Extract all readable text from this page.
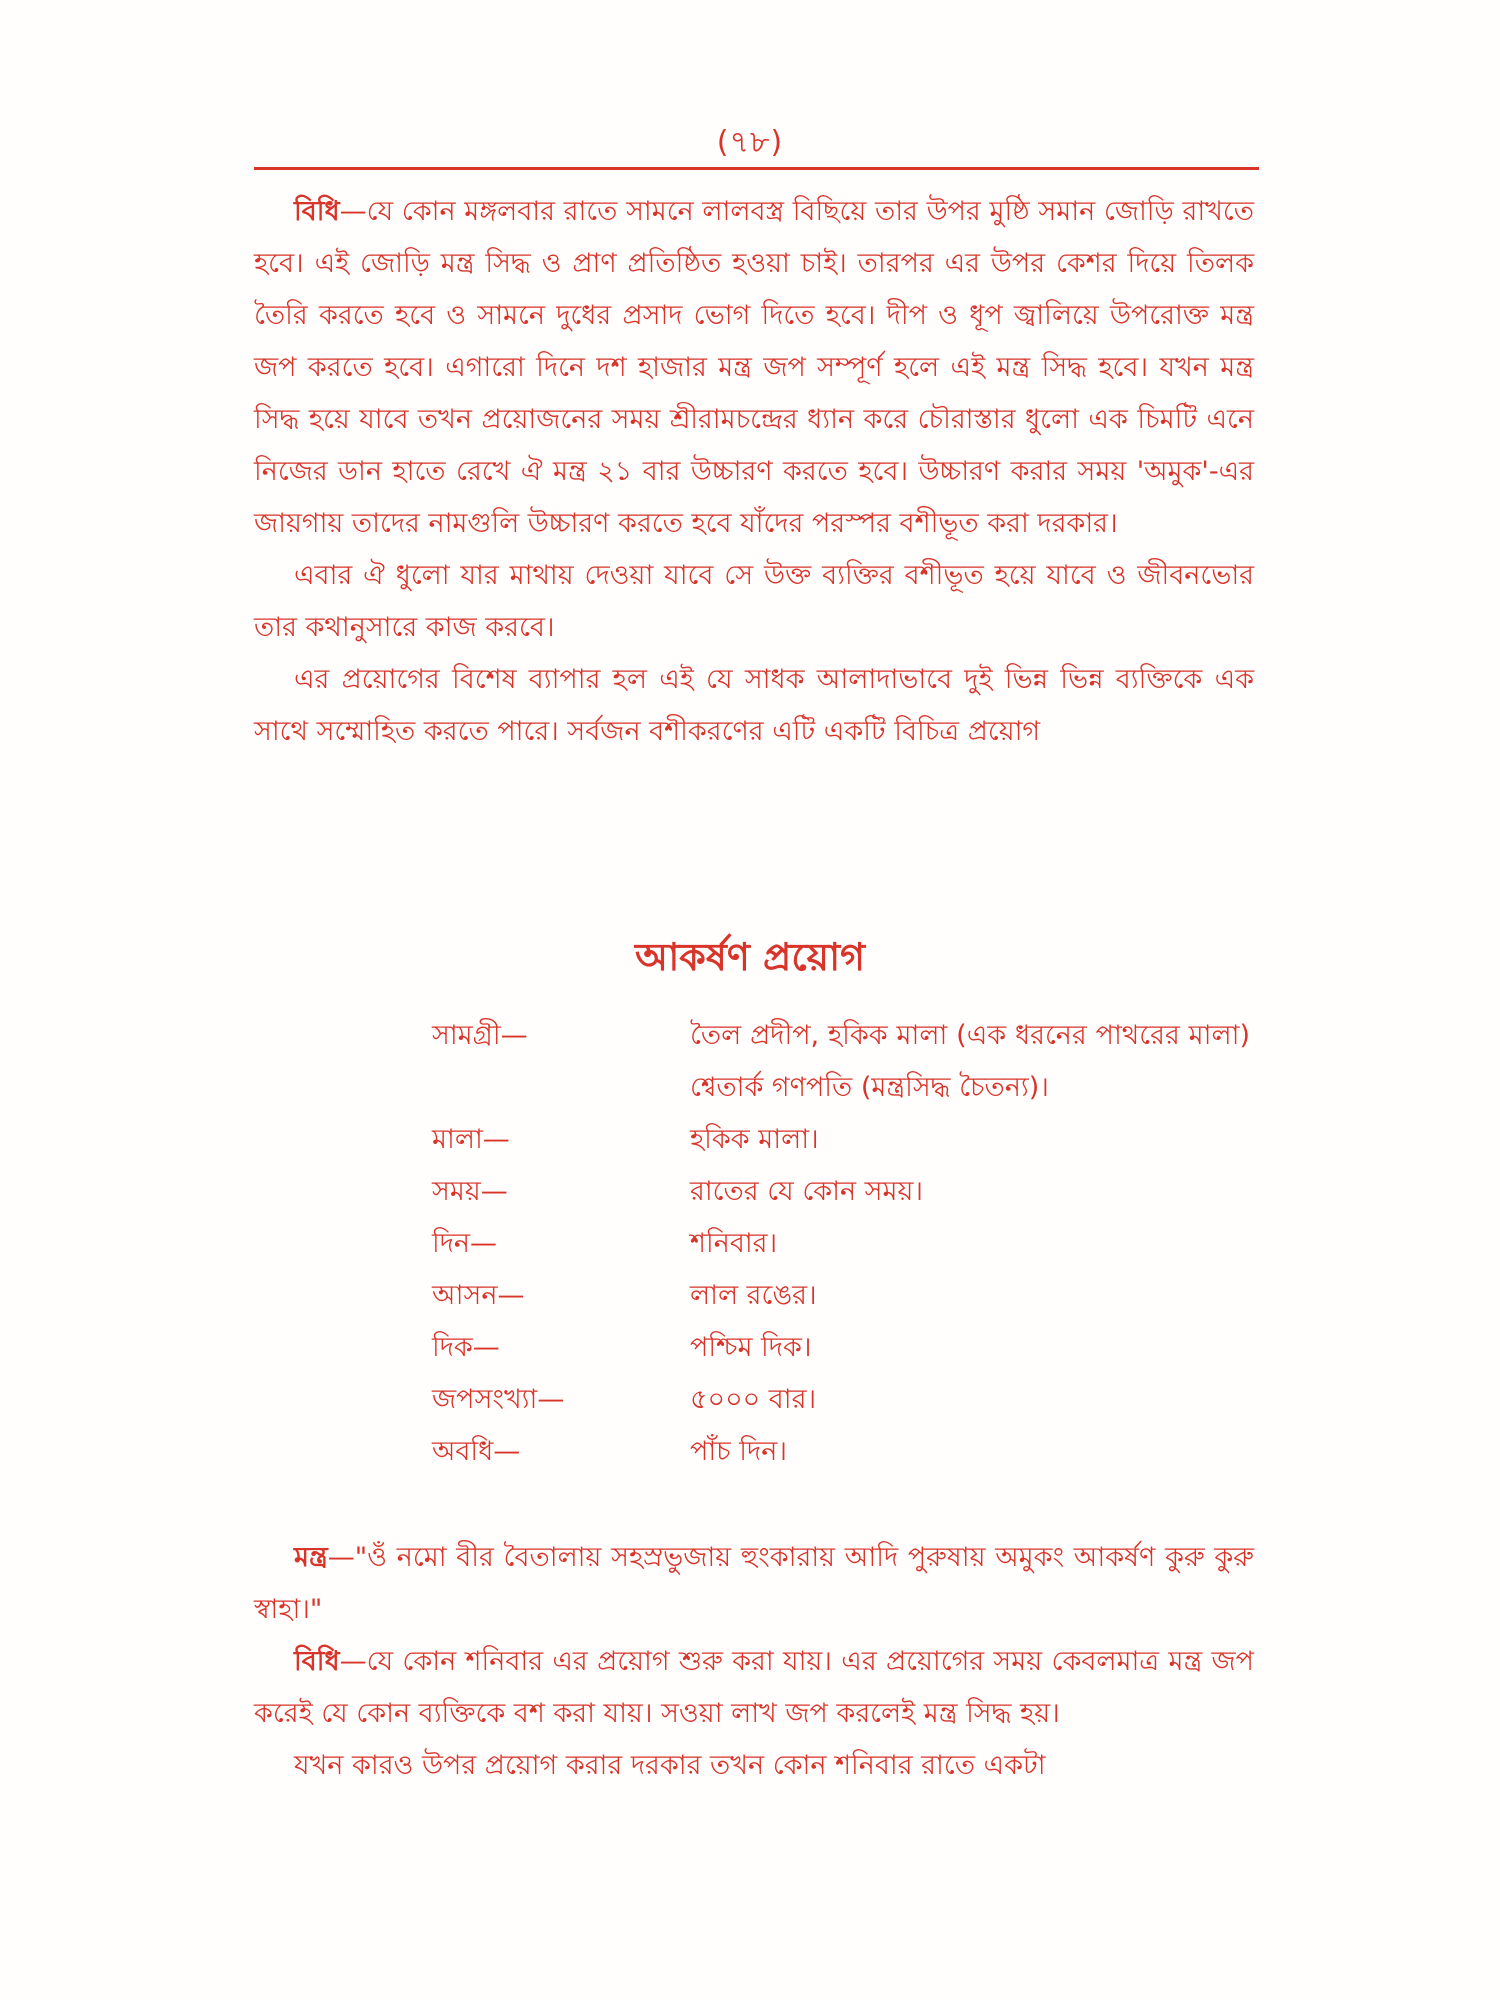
(৭৮)

বিধি—যে কোন মঙ্গলবার রাতে সামনে লালবস্ত্র বিছিয়ে তার উপর মুষ্ঠি সমান জোড়ি রাখতে হবে। এই জোড়ি মন্ত্র সিদ্ধ ও প্রাণ প্রতিষ্ঠিত হওয়া চাই। তারপর এর উপর কেশর দিয়ে তিলক তৈরি করতে হবে ও সামনে দুধের প্রসাদ ভোগ দিতে হবে। দীপ ও ধূপ জ্বালিয়ে উপরোক্ত মন্ত্র জপ করতে হবে। এগারো দিনে দশ হাজার মন্ত্র জপ সম্পূর্ণ হলে এই মন্ত্র সিদ্ধ হবে। যখন মন্ত্র সিদ্ধ হয়ে যাবে তখন প্রয়োজনের সময় শ্রীরামচন্দ্রের ধ্যান করে চৌরাস্তার ধুলো এক চিমটি এনে নিজের ডান হাতে রেখে ঐ মন্ত্র ২১ বার উচ্চারণ করতে হবে। উচ্চারণ করার সময় 'অমুক'-এর জায়গায় তাদের নামগুলি উচ্চারণ করতে হবে যাঁদের পরস্পর বশীভূত করা দরকার।

এবার ঐ ধুলো যার মাথায় দেওয়া যাবে সে উক্ত ব্যক্তির বশীভূত হয়ে যাবে ও জীবনভোর তার কথানুসারে কাজ করবে।

এর প্রয়োগের বিশেষ ব্যাপার হল এই যে সাধক আলাদাভাবে দুই ভিন্ন ভিন্ন ব্যক্তিকে এক সাথে সম্মোহিত করতে পারে। সর্বজন বশীকরণের এটি একটি বিচিত্র প্রয়োগ

আকর্ষণ প্রয়োগ
সামগ্রী—	তৈল প্রদীপ, হকিক মালা (এক ধরনের পাথরের মালা) শ্বেতার্ক গণপতি (মন্ত্রসিদ্ধ চৈতন্য)।
মালা—	হকিক মালা।
সময়—	রাতের যে কোন সময়।
দিন—	শনিবার।
আসন—	লাল রঙের।
দিক—	পশ্চিম দিক।
জপসংখ্যা—	৫০০০ বার।
অবধি—	পাঁচ দিন।

মন্ত্র—"ওঁ নমো বীর বৈতালায় সহস্রভুজায় হুংকারায় আদি পুরুষায় অমুকং আকর্ষণ কুরু কুরু স্বাহা।"

বিধি—যে কোন শনিবার এর প্রয়োগ শুরু করা যায়। এর প্রয়োগের সময় কেবলমাত্র মন্ত্র জপ করেই যে কোন ব্যক্তিকে বশ করা যায়। সওয়া লাখ জপ করলেই মন্ত্র সিদ্ধ হয়।

যখন কারও উপর প্রয়োগ করার দরকার তখন কোন শনিবার রাতে একটা
